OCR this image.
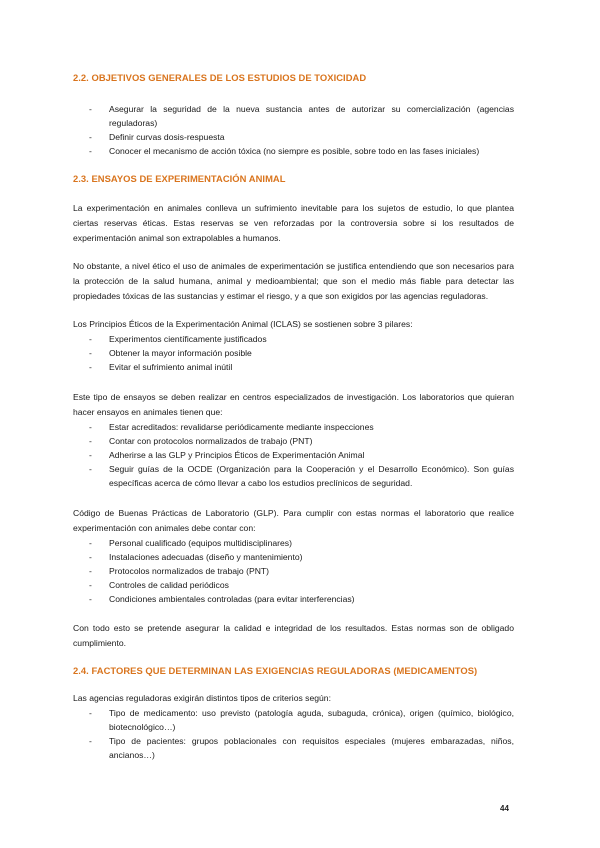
2.2. OBJETIVOS GENERALES DE LOS ESTUDIOS DE TOXICIDAD
- Asegurar la seguridad de la nueva sustancia antes de autorizar su comercialización (agencias reguladoras)
- Definir curvas dosis-respuesta
- Conocer el mecanismo de acción tóxica (no siempre es posible, sobre todo en las fases iniciales)
2.3. ENSAYOS DE EXPERIMENTACIÓN ANIMAL

La experimentación en animales conlleva un sufrimiento inevitable para los sujetos de estudio, lo que plantea ciertas reservas éticas. Estas reservas se ven reforzadas por la controversia sobre si los resultados de experimentación animal son extrapolables a humanos.

No obstante, a nivel ético el uso de animales de experimentación se justifica entendiendo que son necesarios para la protección de la salud humana, animal y medioambiental; que son el medio más fiable para detectar las propiedades tóxicas de las sustancias y estimar el riesgo, y a que son exigidos por las agencias reguladoras.

Los Principios Éticos de la Experimentación Animal (ICLAS) se sostienen sobre 3 pilares:

- Experimentos científicamente justificados
- Obtener la mayor información posible
- Evitar el sufrimiento animal inútil

Este tipo de ensayos se deben realizar en centros especializados de investigación. Los laboratorios que quieran hacer ensayos en animales tienen que:

- Estar acreditados: revalidarse periódicamente mediante inspecciones
- Contar con protocolos normalizados de trabajo (PNT)
- Adherirse a las GLP y Principios Éticos de Experimentación Animal
- Seguir guías de la OCDE (Organización para la Cooperación y el Desarrollo Económico). Son guías específicas acerca de cómo llevar a cabo los estudios preclínicos de seguridad.

Código de Buenas Prácticas de Laboratorio (GLP). Para cumplir con estas normas el laboratorio que realice experimentación con animales debe contar con:

- Personal cualificado (equipos multidisciplinares)
- Instalaciones adecuadas (diseño y mantenimiento)
- Protocolos normalizados de trabajo (PNT)
- Controles de calidad periódicos
- Condiciones ambientales controladas (para evitar interferencias)

Con todo esto se pretende asegurar la calidad e integridad de los resultados. Estas normas son de obligado cumplimiento.

2.4. FACTORES QUE DETERMINAN LAS EXIGENCIAS REGULADORAS (MEDICAMENTOS)

Las agencias reguladoras exigirán distintos tipos de criterios según:

- Tipo de medicamento: uso previsto (patología aguda, subaguda, crónica), origen (químico, biológico, biotecnológico…)
- Tipo de pacientes: grupos poblacionales con requisitos especiales (mujeres embarazadas, niños, ancianos…)
44
